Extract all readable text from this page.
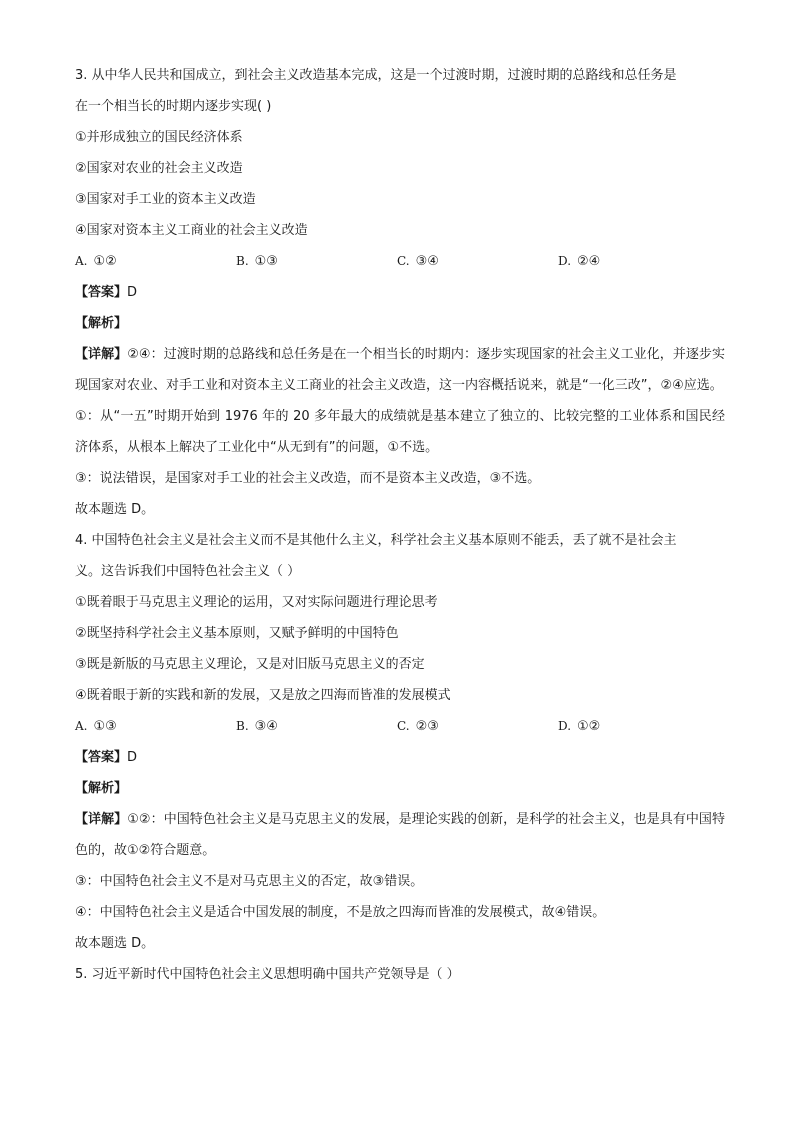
3. 从中华人民共和国成立，到社会主义改造基本完成，这是一个过渡时期，过渡时期的总路线和总任务是
在一个相当长的时期内逐步实现( )
①并形成独立的国民经济体系
②国家对农业的社会主义改造
③国家对手工业的资本主义改造
④国家对资本主义工商业的社会主义改造
A. ①②	B. ①③	C. ③④	D. ②④
【答案】D
【解析】

【详解】②④：过渡时期的总路线和总任务是在一个相当长的时期内：逐步实现国家的社会主义工业化，并逐步实现国家对农业、对手工业和对资本主义工商业的社会主义改造，这一内容概括说来，就是“一化三改”，②④应选。

①：从“一五”时期开始到 1976 年的 20 多年最大的成绩就是基本建立了独立的、比较完整的工业体系和国民经济体系，从根本上解决了工业化中“从无到有”的问题，①不选。

③：说法错误，是国家对手工业的社会主义改造，而不是资本主义改造，③不选。

故本题选 D。
4. 中国特色社会主义是社会主义而不是其他什么主义，科学社会主义基本原则不能丢，丢了就不是社会主
义。这告诉我们中国特色社会主义（ ）
①既着眼于马克思主义理论的运用，又对实际问题进行理论思考
②既坚持科学社会主义基本原则，又赋予鲜明的中国特色
③既是新版的马克思主义理论，又是对旧版马克思主义的否定
④既着眼于新的实践和新的发展，又是放之四海而皆准的发展模式
A. ①③	B. ③④	C. ②③	D. ①②
【答案】D
【解析】

【详解】①②：中国特色社会主义是马克思主义的发展，是理论实践的创新，是科学的社会主义，也是具有中国特色的，故①②符合题意。

③：中国特色社会主义不是对马克思主义的否定，故③错误。

④：中国特色社会主义是适合中国发展的制度，不是放之四海而皆准的发展模式，故④错误。

故本题选 D。
5. 习近平新时代中国特色社会主义思想明确中国共产党领导是（ ）
